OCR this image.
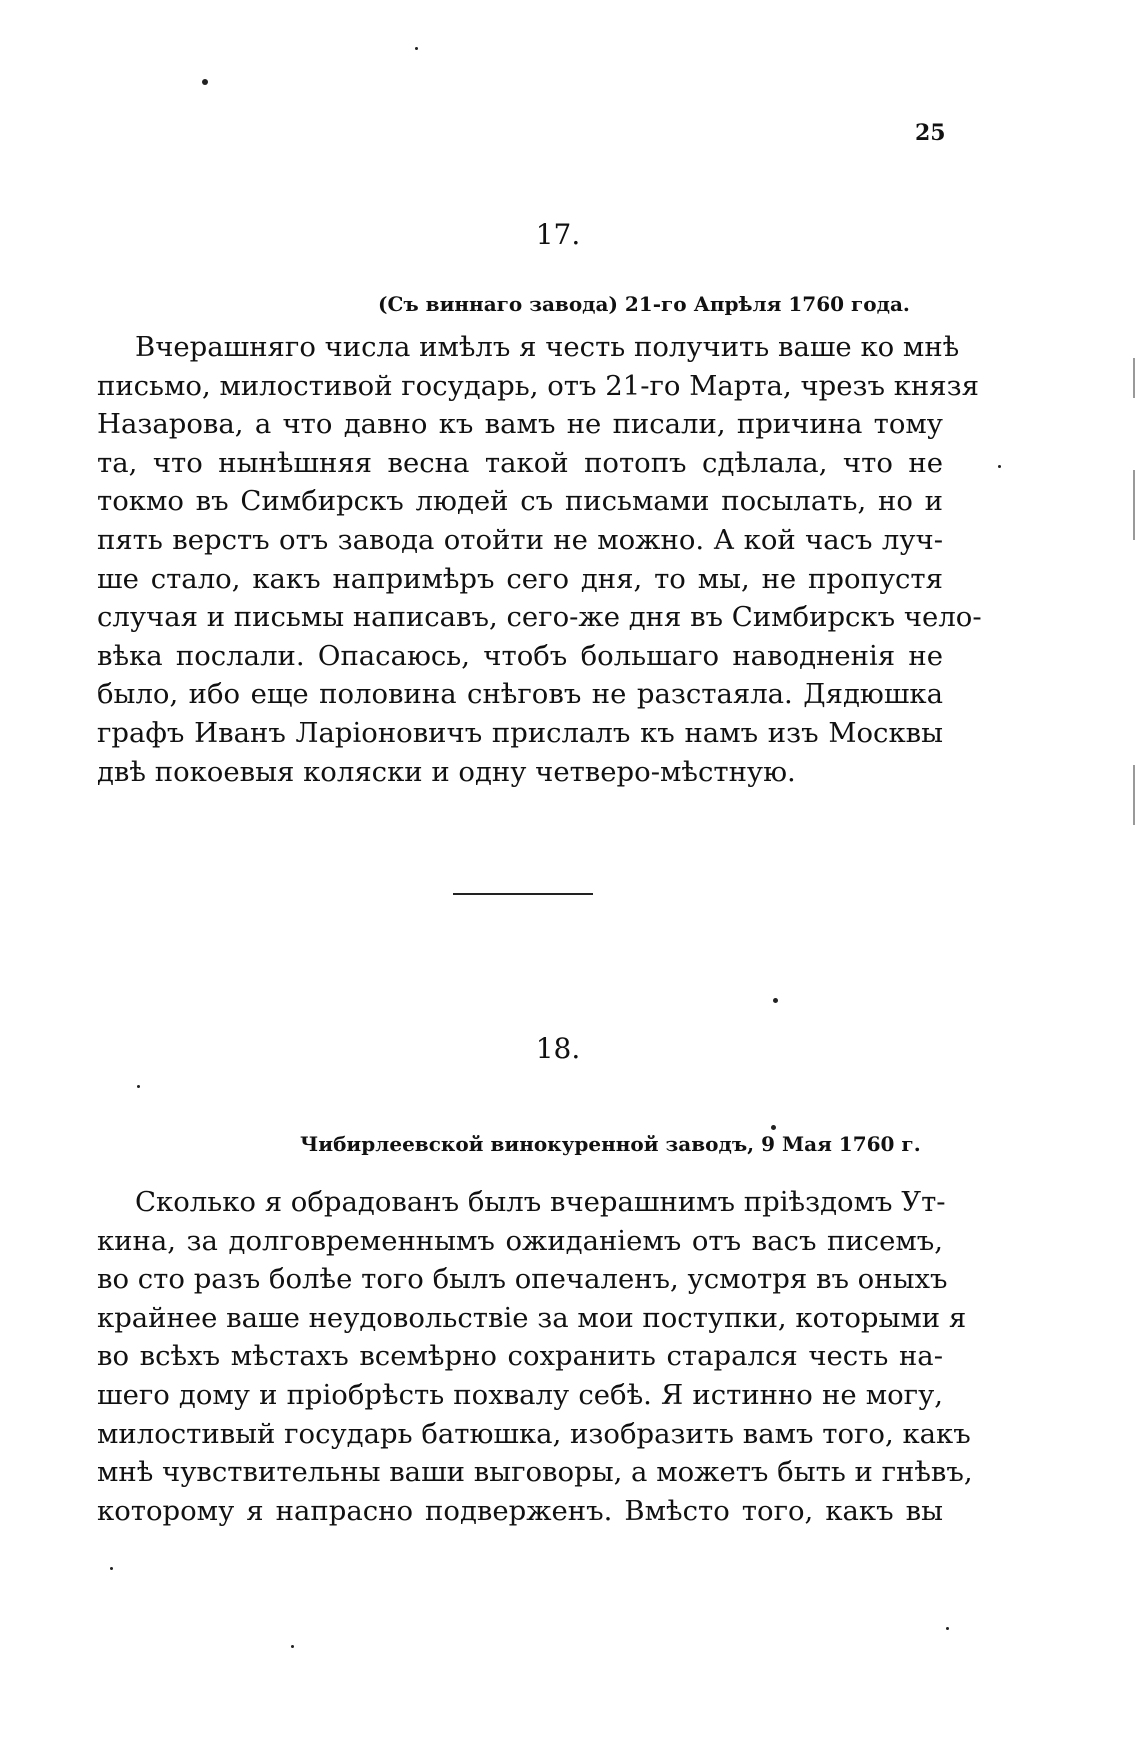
25
17.
(Съ виннаго завода) 21-го Апрѣля 1760 года.
Вчерашняго числа имѣлъ я честь получить ваше ко мнѣ
письмо, милостивой государь, отъ 21-го Марта, чрезъ князя
Назарова, а что давно къ вамъ не писали, причина тому
та, что нынѣшняя весна такой потопъ сдѣлала, что не
токмо въ Симбирскъ людей съ письмами посылать, но и
пять верстъ отъ завода отойти не можно. А кой часъ луч-
ше стало, какъ напримѣръ сего дня, то мы, не пропустя
случая и письмы написавъ, сего-же дня въ Симбирскъ чело-
вѣка послали. Опасаюсь, чтобъ большаго наводненія не
было, ибо еще половина снѣговъ не разстаяла. Дядюшка
графъ Иванъ Ларіоновичъ прислалъ къ намъ изъ Москвы
двѣ покоевыя коляски и одну четверо-мѣстную.
18.
Чибирлеевской винокуренной заводъ, 9 Мая 1760 г.
Сколько я обрадованъ былъ вчерашнимъ пріѣздомъ Ут-
кина, за долговременнымъ ожиданіемъ отъ васъ писемъ,
во сто разъ болѣе того былъ опечаленъ, усмотря въ оныхъ
крайнее ваше неудовольствіе за мои поступки, которыми я
во всѣхъ мѣстахъ всемѣрно сохранить старался честь на-
шего дому и пріобрѣсть похвалу себѣ. Я истинно не могу,
милостивый государь батюшка, изобразить вамъ того, какъ
мнѣ чувствительны ваши выговоры, а можетъ быть и гнѣвъ,
которому я напрасно подверженъ. Вмѣсто того, какъ вы
